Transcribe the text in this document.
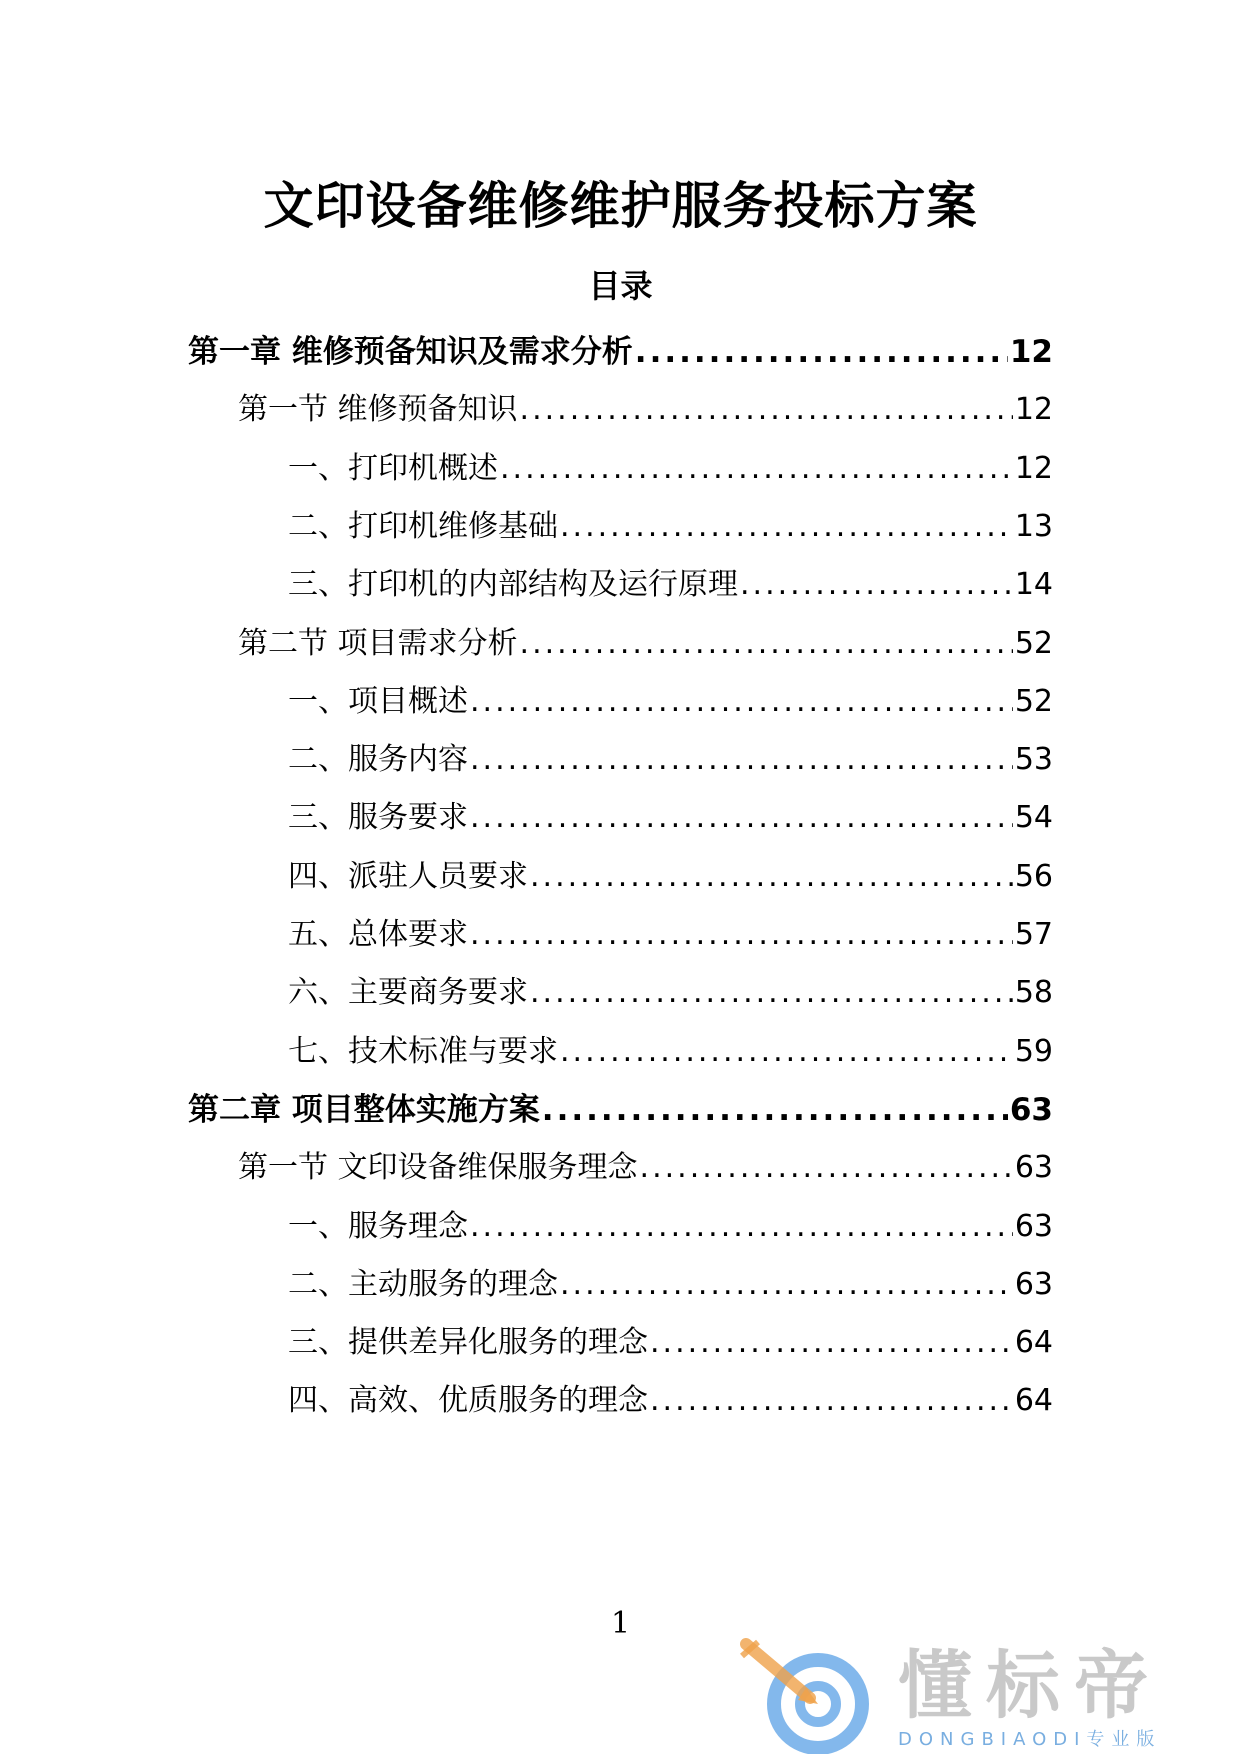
文印设备维修维护服务投标方案
目录
第一章 维修预备知识及需求分析 .....	12
第一节 维修预备知识 .....	12
一、打印机概述 .....	12
二、打印机维修基础 .....	13
三、打印机的内部结构及运行原理 .....	14
第二节 项目需求分析 .....	52
一、项目概述 .....	52
二、服务内容 .....	53
三、服务要求 .....	54
四、派驻人员要求 .....	56
五、总体要求 .....	57
六、主要商务要求 .....	58
七、技术标准与要求 .....	59
第二章 项目整体实施方案 .....	63
第一节 文印设备维保服务理念 .....	63
一、服务理念 .....	63
二、主动服务的理念 .....	63
三、提供差异化服务的理念 .....	64
四、高效、优质服务的理念 .....	64
1
懂标帝
DONGBIAODI专业版
